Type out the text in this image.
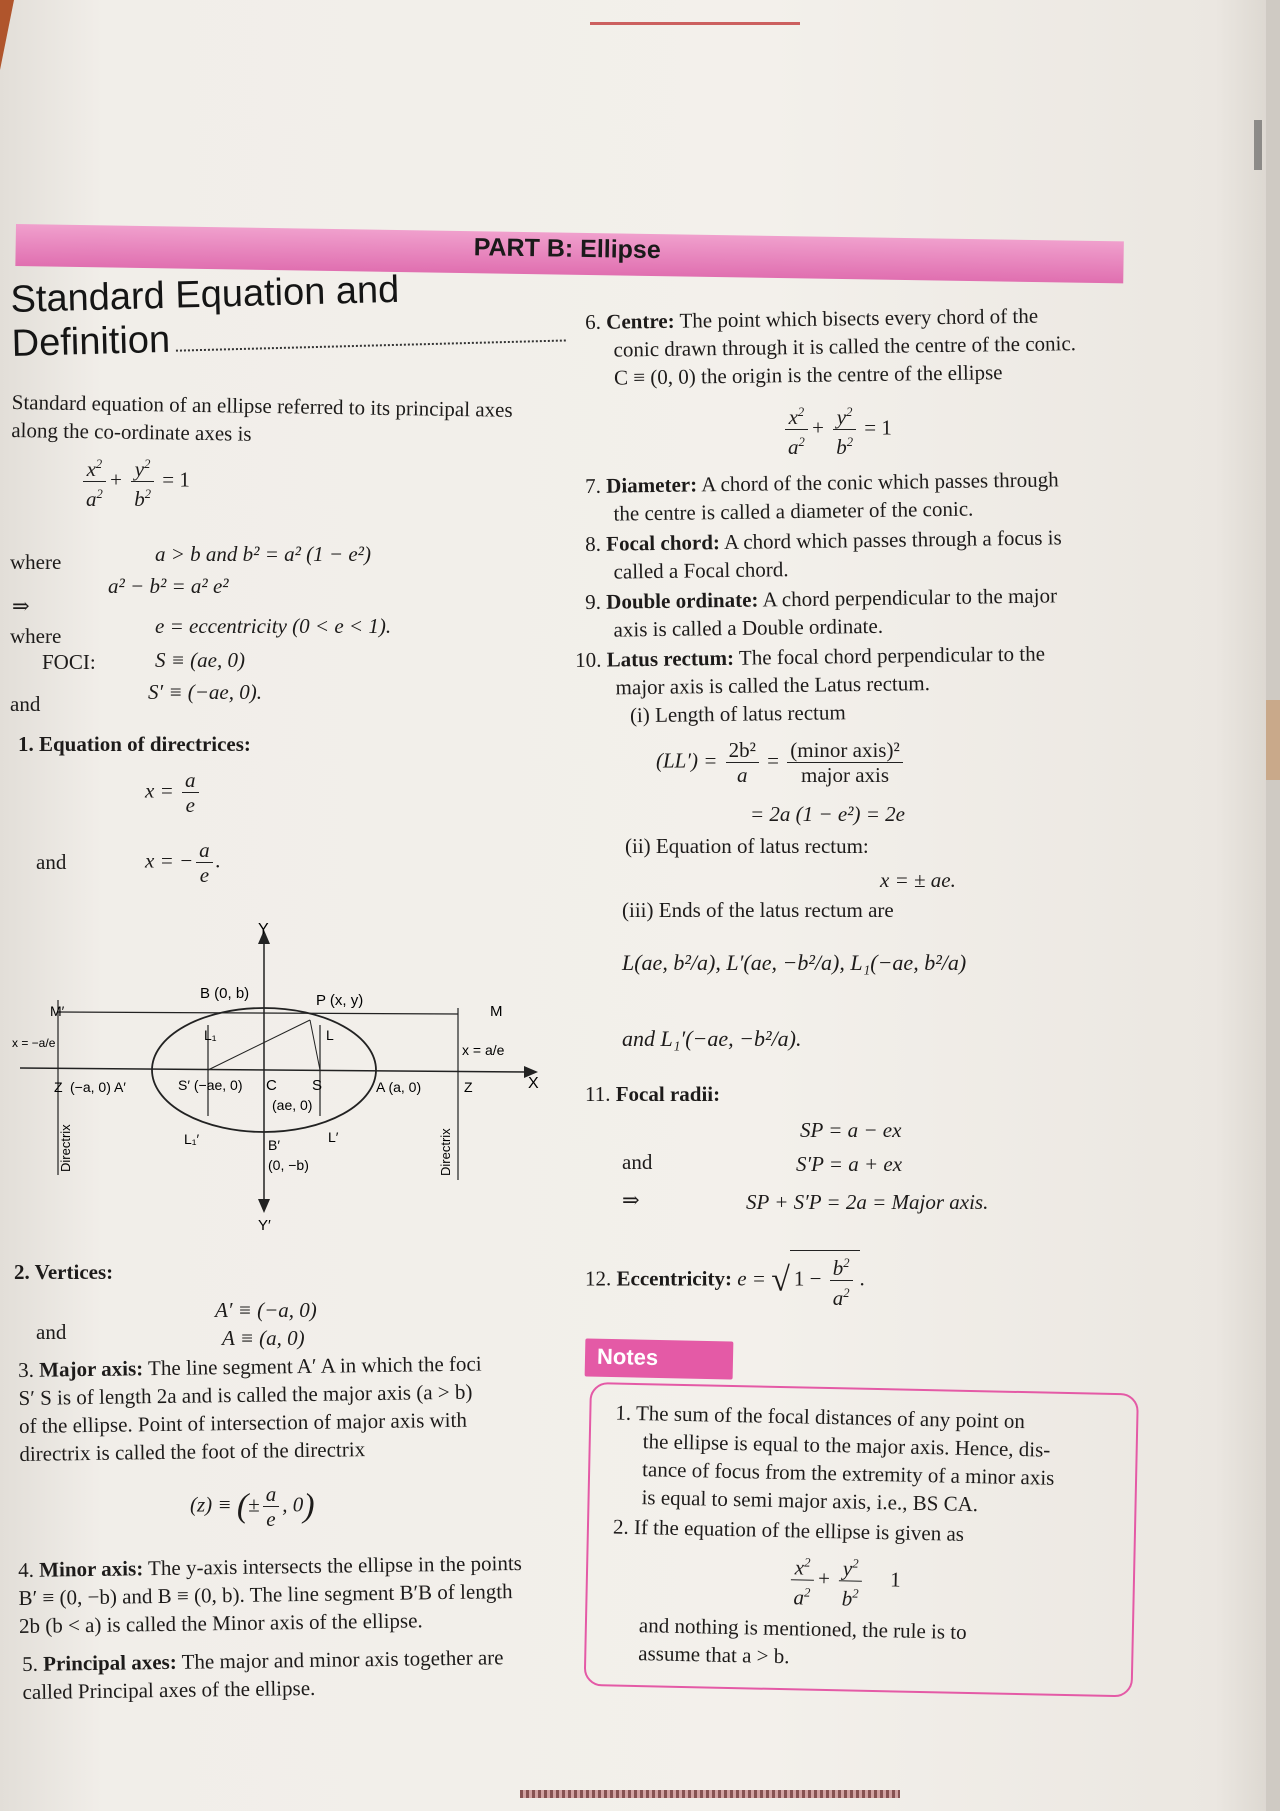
PART B: Ellipse
Standard Equation and
Definition
Standard equation of an ellipse referred to its principal axes
along the co-ordinate axes is
$\frac{x^2}{a^2} + \frac{y^2}{b^2} = 1$
where	a > b and b² = a² (1 − e²)
a² − b² = a² e²
⇒
where	e = eccentricity (0 < e < 1).
FOCI:	S ≡ (ae, 0)
and	S′ ≡ (−ae, 0).
1. Equation of directrices:
$x = \frac{a}{e}$
and	x = − $\frac{a}{e}$ .
Y
Y′
X
B (0, b)	P (x, y)
L₁	L
M′	M
x = −a/e	x = a/e
Z (−a, 0) A′	S′ (−ae, 0) C S
(ae, 0)
A (a, 0)	Z
L₁′	B′
(0, −b)
L′
Directrix	Directrix
2. Vertices:
A′ ≡ (−a, 0)
and	A ≡ (a, 0)
3. Major axis: The line segment A′ A in which the foci
S′ S is of length 2a and is called the major axis (a > b)
of the ellipse. Point of intersection of major axis with
directrix is called the foot of the directrix
(z) ≡ (± $\frac{a}{e}$ , 0)
4. Minor axis: The y-axis intersects the ellipse in the points
B′ ≡ (0, −b) and B ≡ (0, b). The line segment B′B of length
2b (b < a) is called the Minor axis of the ellipse.
5. Principal axes: The major and minor axis together are
called Principal axes of the ellipse.
6. Centre: The point which bisects every chord of the
conic drawn through it is called the centre of the conic.
C ≡ (0, 0) the origin is the centre of the ellipse
$\frac{x^2}{a^2} + \frac{y^2}{b^2} = 1$
7. Diameter: A chord of the conic which passes through
the centre is called a diameter of the conic.
8. Focal chord: A chord which passes through a focus is
called a Focal chord.
9. Double ordinate: A chord perpendicular to the major
axis is called a Double ordinate.
10. Latus rectum: The focal chord perpendicular to the
major axis is called the Latus rectum.
(i) Length of latus rectum
$(LL') = \frac{\text{2b²}}{a} = \frac{\text{(minor axis)²}}{\text{major axis}}$
= 2a (1 − e²) = 2e
(ii) Equation of latus rectum:
x = ± ae.
(iii) Ends of the latus rectum are
L(ae, b²/a), L′(ae, −b²/a), L₁(−ae, b²/a)
and L₁′(−ae, −b²/a).
11. Focal radii:
SP = a − ex
and	S′P = a + ex
⇒	SP + S′P = 2a = Major axis.
12. Eccentricity: e = √ $1 - \frac{b^2}{a^2}$ .
Notes
1. The sum of the focal distances of any point on
the ellipse is equal to the major axis. Hence, dis-
tance of focus from the extremity of a minor axis
is equal to semi major axis, i.e., BS CA.
2. If the equation of the ellipse is given as
$\frac{x^2}{a^2} + \frac{y^2}{b^2} 1$
and nothing is mentioned, the rule is to
assume that a > b.
